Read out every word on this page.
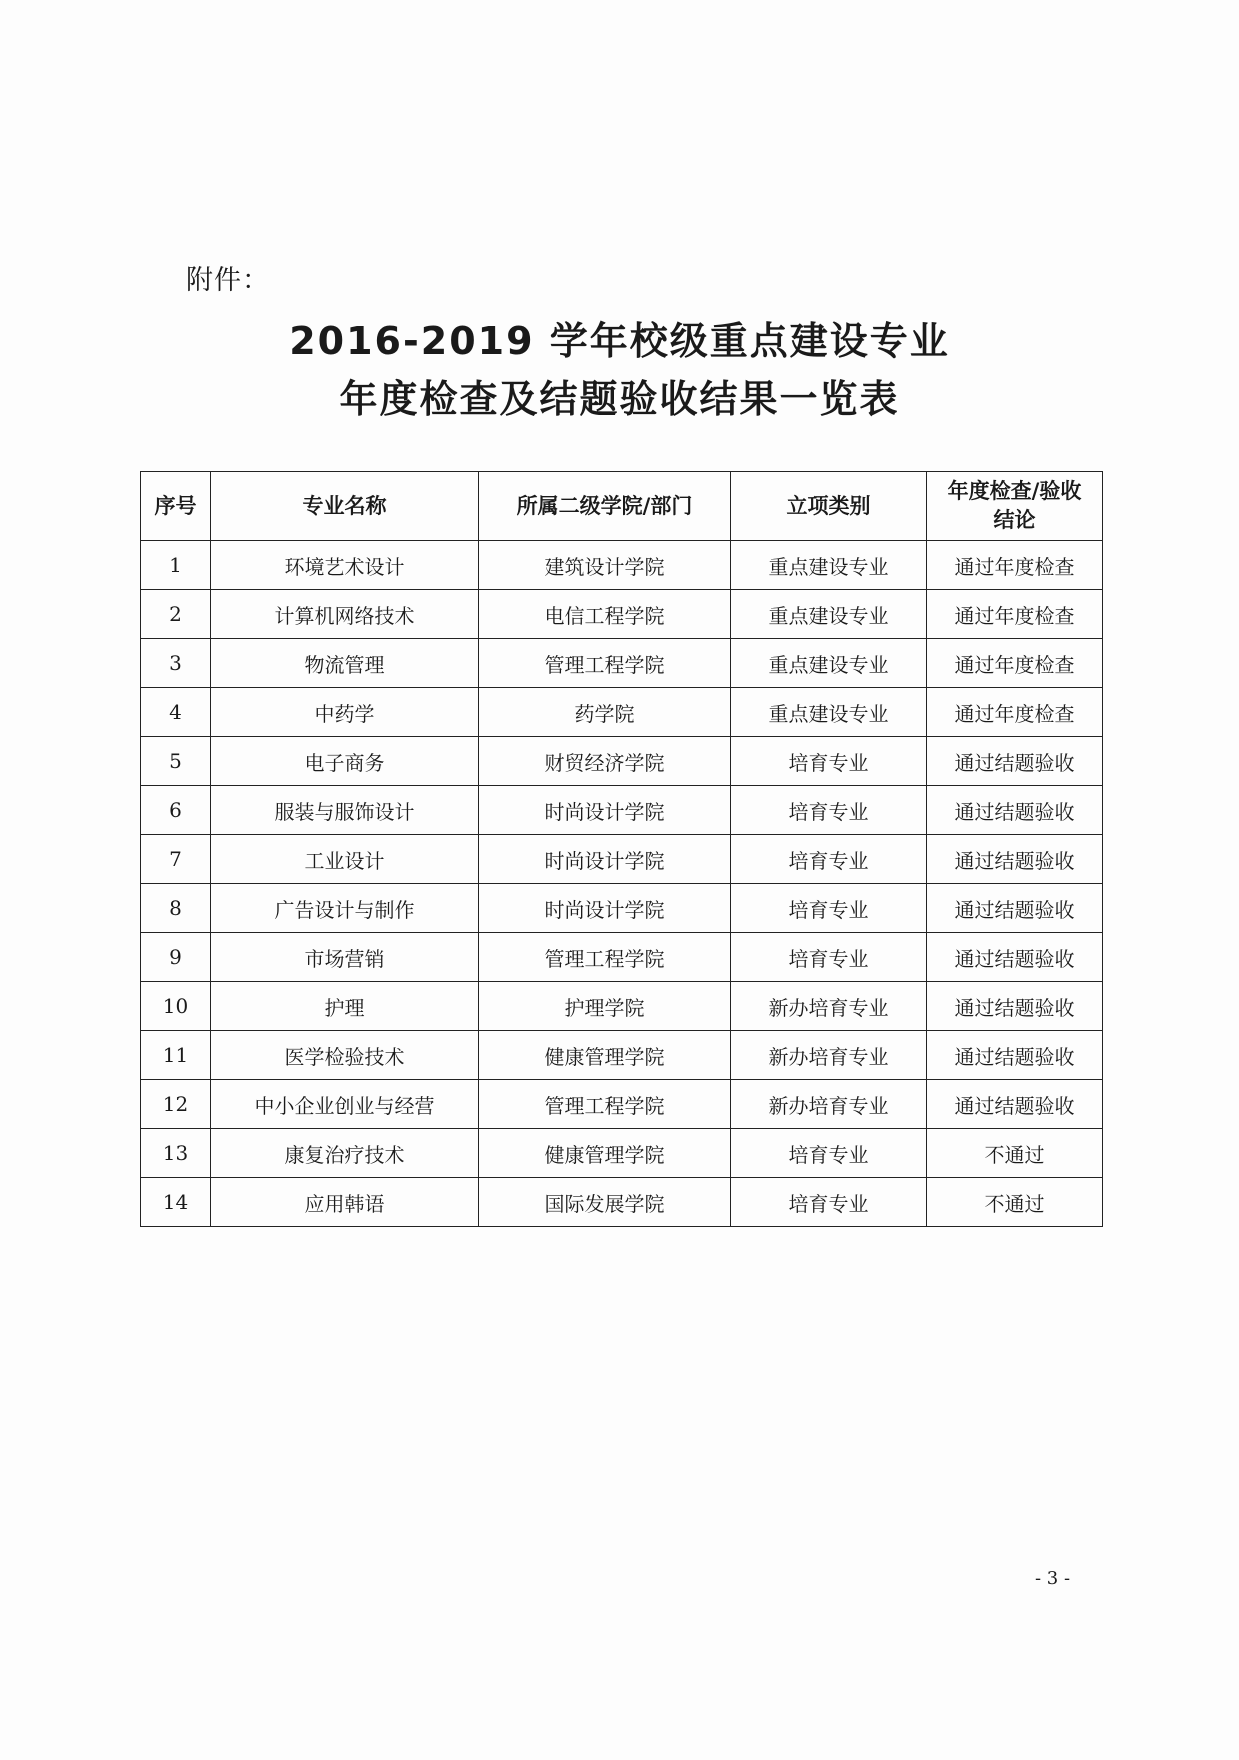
附件：
2016-2019 学年校级重点建设专业
年度检查及结题验收结果一览表
序号	专业名称	所属二级学院/部门	立项类别	年度检查/验收
结论
1	环境艺术设计	建筑设计学院	重点建设专业	通过年度检查
2	计算机网络技术	电信工程学院	重点建设专业	通过年度检查
3	物流管理	管理工程学院	重点建设专业	通过年度检查
4	中药学	药学院	重点建设专业	通过年度检查
5	电子商务	财贸经济学院	培育专业	通过结题验收
6	服装与服饰设计	时尚设计学院	培育专业	通过结题验收
7	工业设计	时尚设计学院	培育专业	通过结题验收
8	广告设计与制作	时尚设计学院	培育专业	通过结题验收
9	市场营销	管理工程学院	培育专业	通过结题验收
10	护理	护理学院	新办培育专业	通过结题验收
11	医学检验技术	健康管理学院	新办培育专业	通过结题验收
12	中小企业创业与经营	管理工程学院	新办培育专业	通过结题验收
13	康复治疗技术	健康管理学院	培育专业	不通过
14	应用韩语	国际发展学院	培育专业	不通过
- 3 -
